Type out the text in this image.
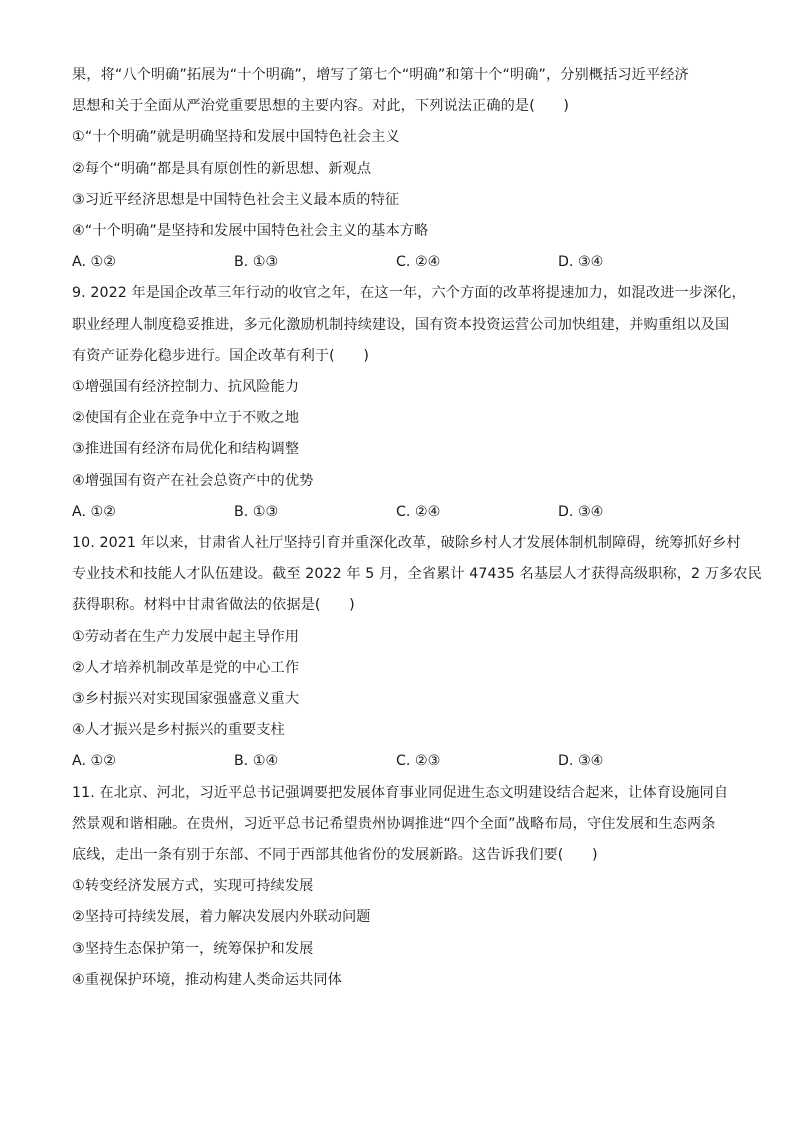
果，将“八个明确”拓展为“十个明确”，增写了第七个“明确”和第十个“明确”，分别概括习近平经济
思想和关于全面从严治党重要思想的主要内容。对此，下列说法正确的是(　　)
①“十个明确”就是明确坚持和发展中国特色社会主义
②每个“明确”都是具有原创性的新思想、新观点
③习近平经济思想是中国特色社会主义最本质的特征
④“十个明确”是坚持和发展中国特色社会主义的基本方略
A. ①②	B. ①③	C. ②④	D. ③④
9. 2022 年是国企改革三年行动的收官之年，在这一年，六个方面的改革将提速加力，如混改进一步深化，
职业经理人制度稳妥推进，多元化激励机制持续建设，国有资本投资运营公司加快组建，并购重组以及国
有资产证券化稳步进行。国企改革有利于(　　)
①增强国有经济控制力、抗风险能力
②使国有企业在竞争中立于不败之地
③推进国有经济布局优化和结构调整
④增强国有资产在社会总资产中的优势
A. ①②	B. ①③	C. ②④	D. ③④
10. 2021 年以来，甘肃省人社厅坚持引育并重深化改革，破除乡村人才发展体制机制障碍，统筹抓好乡村
专业技术和技能人才队伍建设。截至 2022 年 5 月，全省累计 47435 名基层人才获得高级职称，2 万多农民
获得职称。材料中甘肃省做法的依据是(　　)
①劳动者在生产力发展中起主导作用
②人才培养机制改革是党的中心工作
③乡村振兴对实现国家强盛意义重大
④人才振兴是乡村振兴的重要支柱
A. ①②	B. ①④	C. ②③	D. ③④
11. 在北京、河北，习近平总书记强调要把发展体育事业同促进生态文明建设结合起来，让体育设施同自
然景观和谐相融。在贵州，习近平总书记希望贵州协调推进“四个全面”战略布局，守住发展和生态两条
底线，走出一条有别于东部、不同于西部其他省份的发展新路。这告诉我们要(　　)
①转变经济发展方式，实现可持续发展
②坚持可持续发展，着力解决发展内外联动问题
③坚持生态保护第一，统筹保护和发展
④重视保护环境，推动构建人类命运共同体
